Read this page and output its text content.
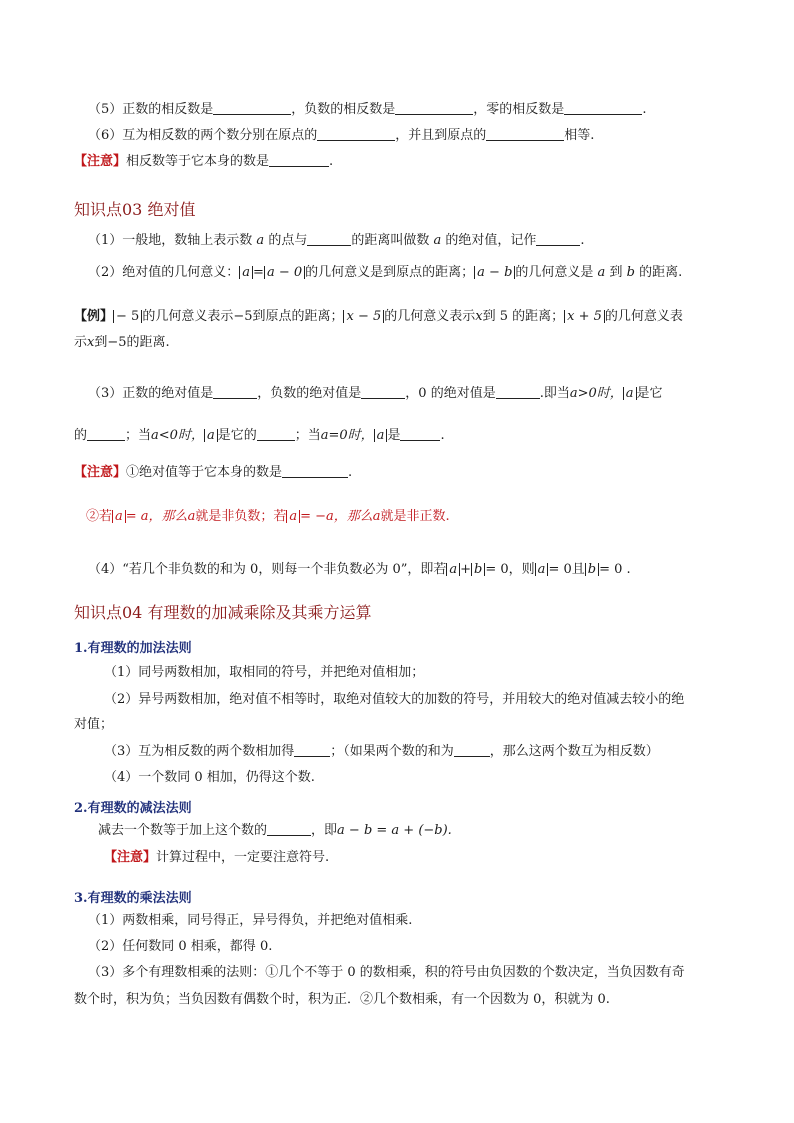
（5）正数的相反数是	，负数的相反数是	，零的相反数是	.
（6）互为相反数的两个数分别在原点的	，并且到原点的	相等.
【注意】相反数等于它本身的数是	.
知识点03 绝对值
（1）一般地，数轴上表示数 a 的点与	的距离叫做数 a 的绝对值，记作	.
（2）绝对值的几何意义： a = a − 0 的几何意义是到原点的距离； a − b 的几何意义是 a 到 b 的距离.
【例】 − 5 的几何意义表示−5到原点的距离； x − 5 的几何意义表示x到 5 的距离； x + 5 的几何意义表
示x到−5的距离.
（3）正数的绝对值是	，负数的绝对值是	，0 的绝对值是	.即当a>0时， a 是它
的	；当a<0时， a 是它的	；当a=0时， a 是	.
【注意】①绝对值等于它本身的数是	.
②若 a = a，那么a就是非负数；若 a = −a，那么a就是非正数.
（4）“若几个非负数的和为 0，则每一个非负数必为 0”，即若 a + b = 0，则 a = 0且 b = 0 .
知识点04 有理数的加减乘除及其乘方运算
1.有理数的加法法则
（1）同号两数相加，取相同的符号，并把绝对值相加；
（2）异号两数相加，绝对值不相等时，取绝对值较大的加数的符号，并用较大的绝对值减去较小的绝
对值；
（3）互为相反数的两个数相加得	；（如果两个数的和为	，那么这两个数互为相反数）
（4）一个数同 0 相加，仍得这个数.
2.有理数的减法法则
减去一个数等于加上这个数的	，即a − b = a + (−b).
【注意】计算过程中，一定要注意符号.
3.有理数的乘法法则
（1）两数相乘，同号得正，异号得负，并把绝对值相乘.
（2）任何数同 0 相乘，都得 0.
（3）多个有理数相乘的法则：①几个不等于 0 的数相乘，积的符号由负因数的个数决定，当负因数有奇
数个时，积为负；当负因数有偶数个时，积为正．②几个数相乘，有一个因数为 0，积就为 0.
